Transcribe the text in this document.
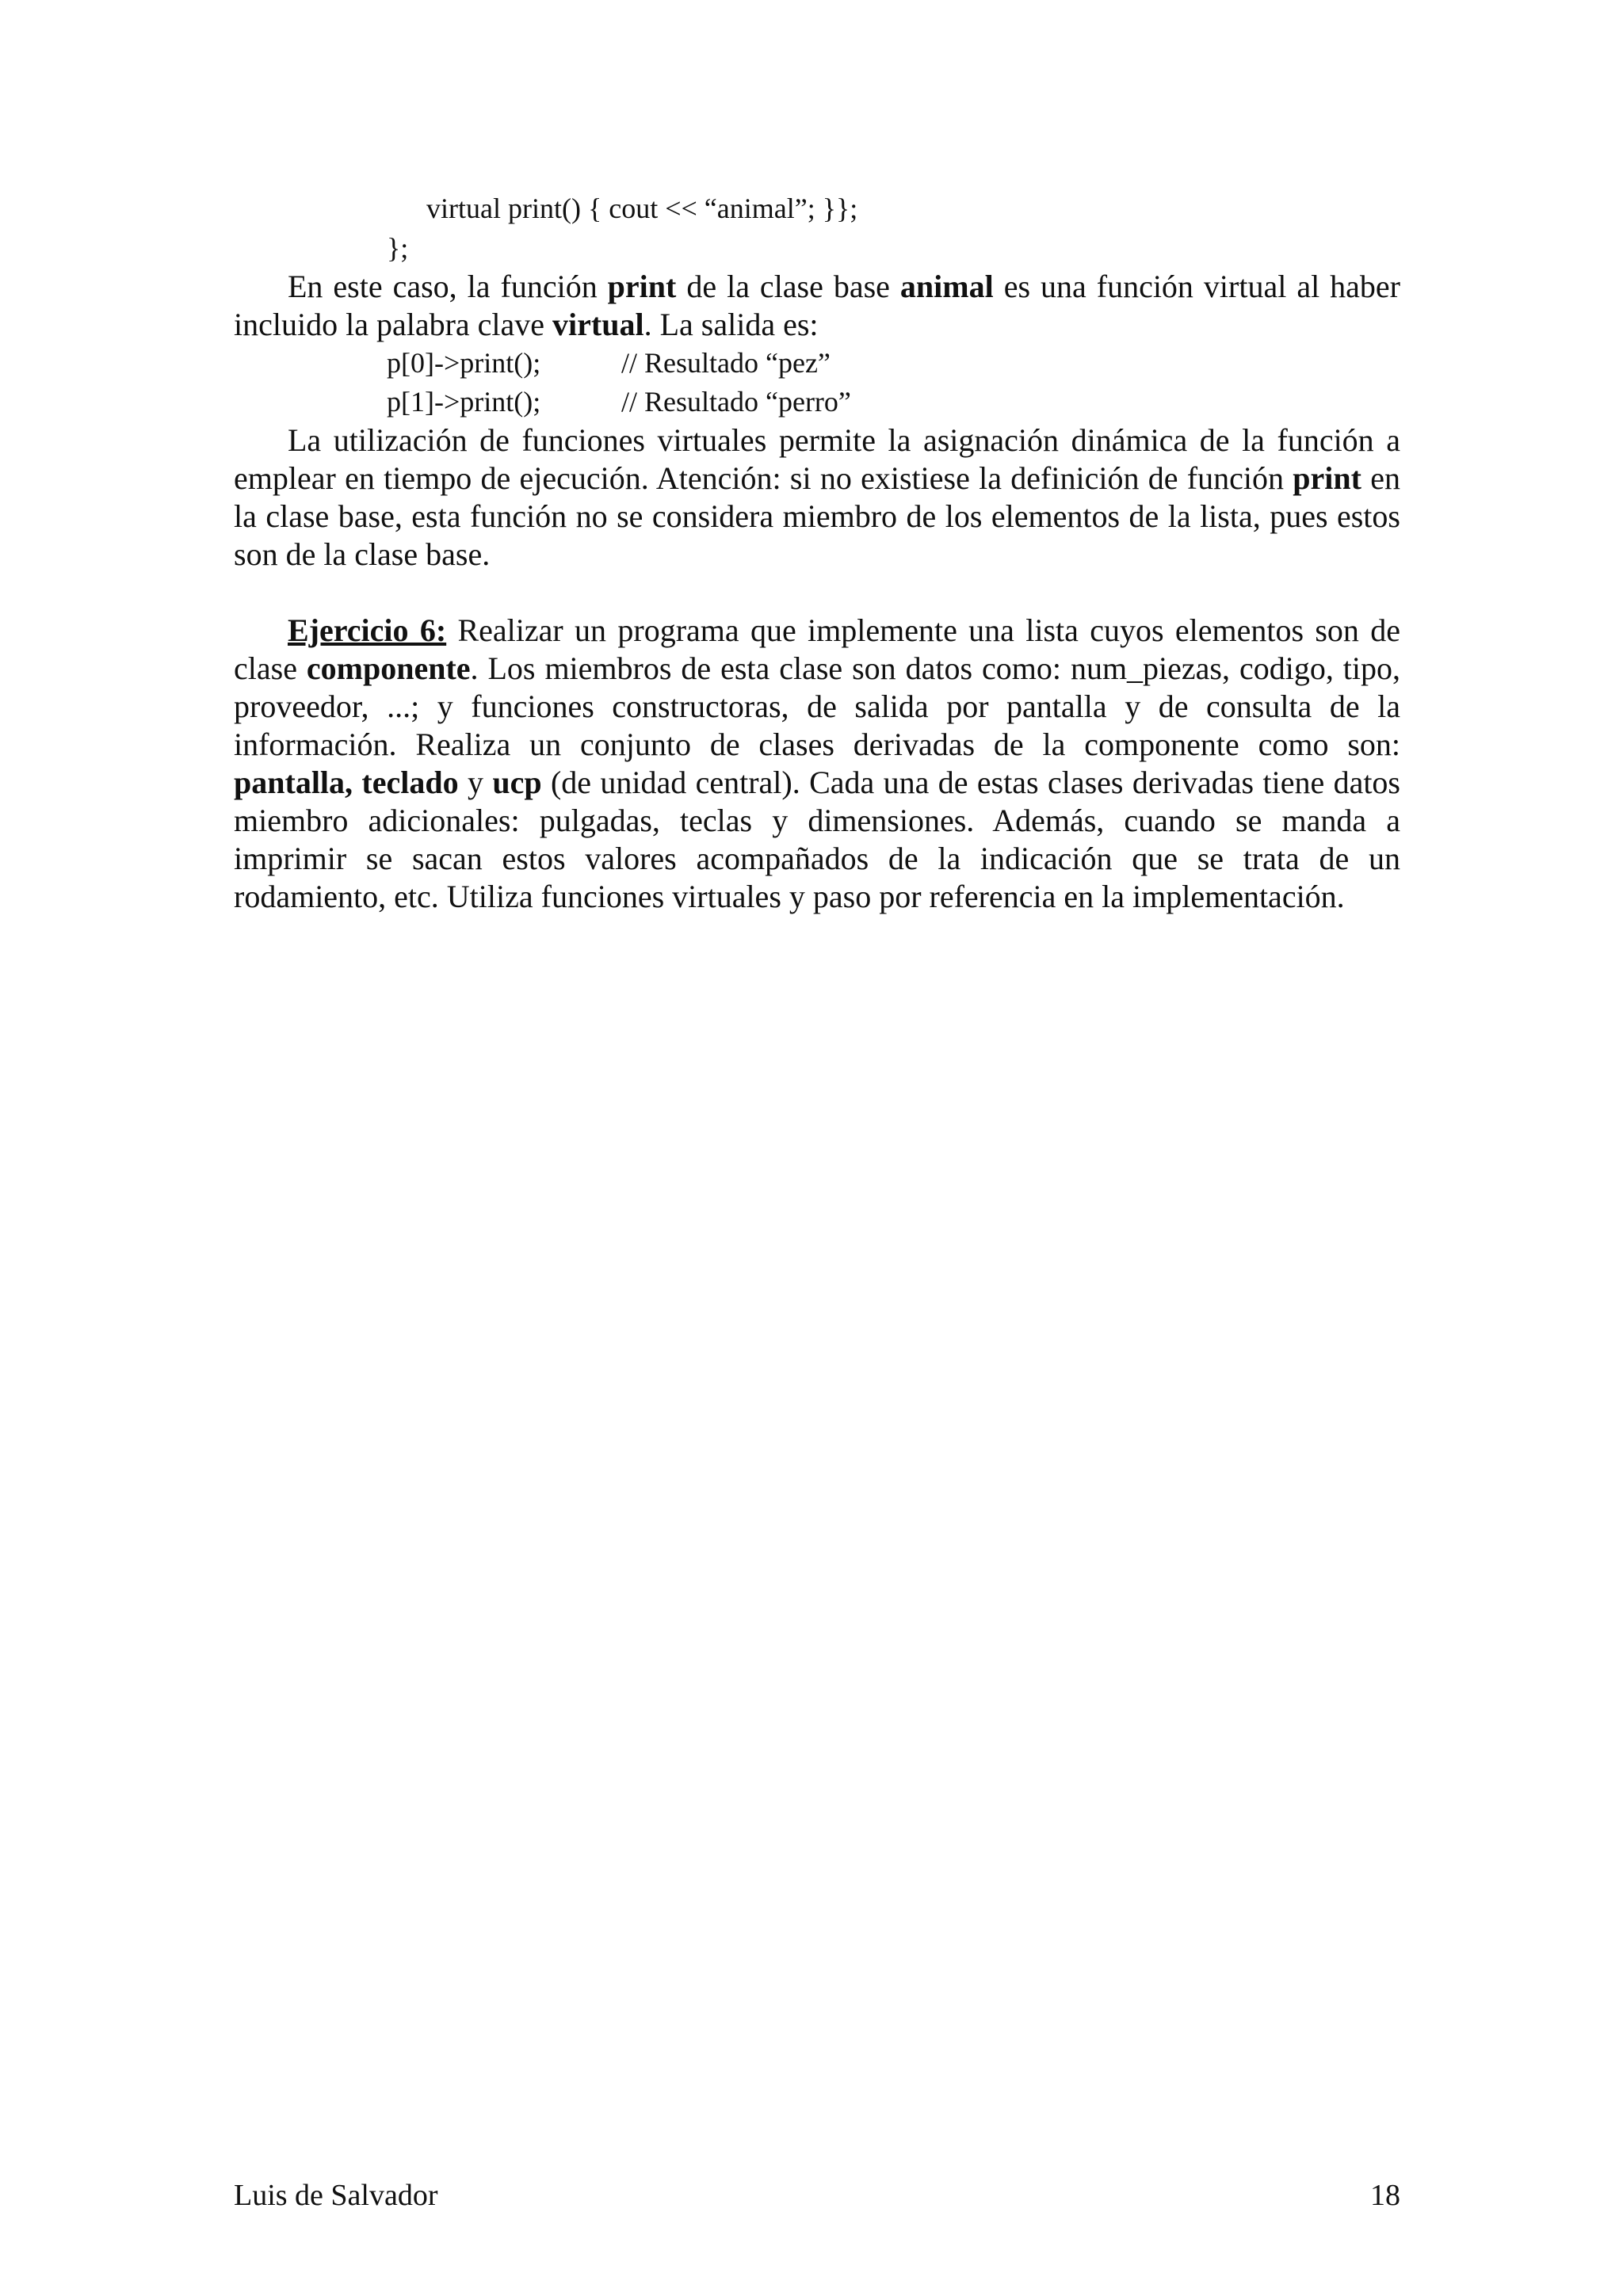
virtual print() { cout << “animal”; }};
};

En este caso, la función print de la clase base animal es una función virtual al haber incluido la palabra clave virtual. La salida es:

p[0]->print();	// Resultado “pez”
p[1]->print();	// Resultado “perro”

La utilización de funciones virtuales permite la asignación dinámica de la función a emplear en tiempo de ejecución. Atención: si no existiese la definición de función print en la clase base, esta función no se considera miembro de los elementos de la lista, pues estos son de la clase base.

Ejercicio 6: Realizar un programa que implemente una lista cuyos elementos son de clase componente. Los miembros de esta clase son datos como: num_piezas, codigo, tipo, proveedor, ...; y funciones constructoras, de salida por pantalla y de consulta de la información. Realiza un conjunto de clases derivadas de la componente como son: pantalla, teclado y ucp (de unidad central). Cada una de estas clases derivadas tiene datos miembro adicionales: pulgadas, teclas y dimensiones. Además, cuando se manda a imprimir se sacan estos valores acompañados de la indicación que se trata de un rodamiento, etc. Utiliza funciones virtuales y paso por referencia en la implementación.

Luis de Salvador	18
